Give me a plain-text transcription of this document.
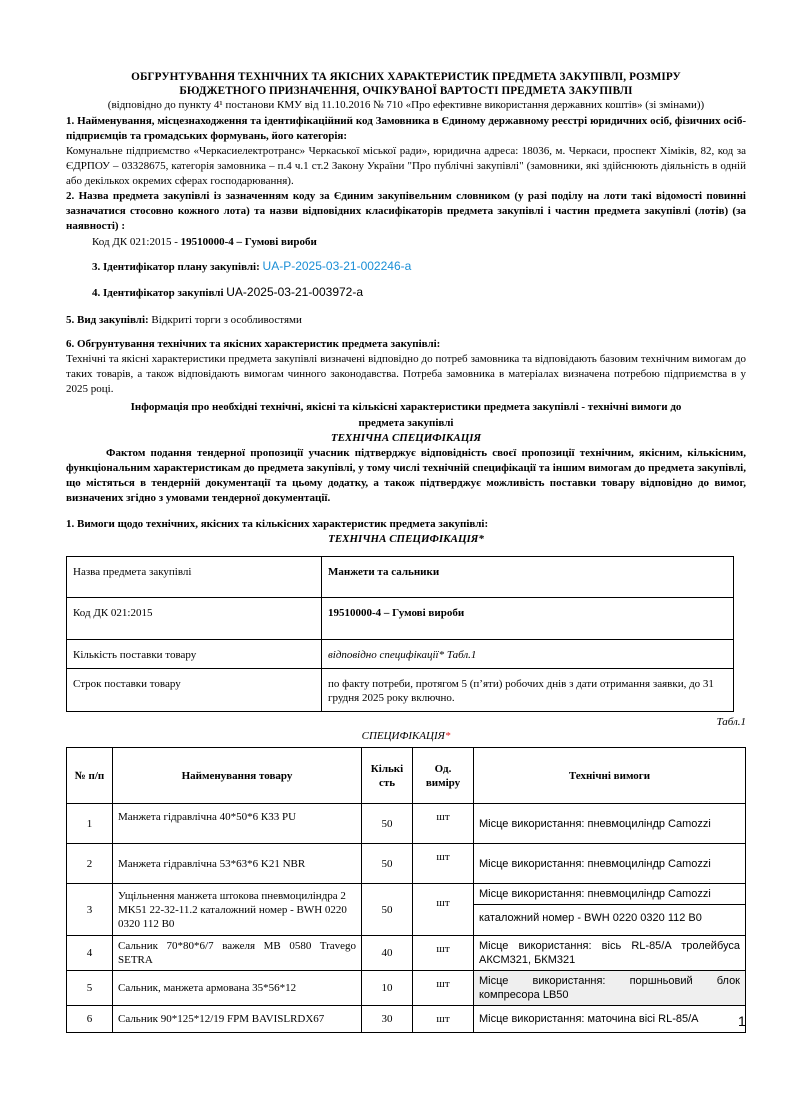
ОБГРУНТУВАННЯ ТЕХНІЧНИХ ТА ЯКІСНИХ ХАРАКТЕРИСТИК ПРЕДМЕТА ЗАКУПІВЛІ, РОЗМІРУ
БЮДЖЕТНОГО ПРИЗНАЧЕННЯ, ОЧІКУВАНОЇ ВАРТОСТІ ПРЕДМЕТА ЗАКУПІВЛІ
(відповідно до пункту 4¹ постанови КМУ від 11.10.2016 № 710 «Про ефективне використання державних коштів» (зі змінами))
1. Найменування, місцезнаходження та ідентифікаційний код Замовника в Єдиному державному реєстрі юридичних осіб, фізичних осіб-підприємців та громадських формувань, його категорія:
Комунальне підприємство «Черкасиелектротранс» Черкаської міської ради», юридична адреса: 18036, м. Черкаси, проспект Хіміків, 82, код за ЄДРПОУ – 03328675, категорія замовника – п.4 ч.1 ст.2 Закону України "Про публічні закупівлі" (замовники, які здійснюють діяльність в одній або декількох окремих сферах господарювання).
2. Назва предмета закупівлі із зазначенням коду за Єдиним закупівельним словником (у разі поділу на лоти такі відомості повинні зазначатися стосовно кожного лота) та назви відповідних класифікаторів предмета закупівлі і частин предмета закупівлі (лотів) (за наявності) :
Код ДК 021:2015 - 19510000-4 – Гумові вироби
3. Ідентифікатор плану закупівлі: UA-P-2025-03-21-002246-a
4. Ідентифікатор закупівлі UA-2025-03-21-003972-a
5. Вид закупівлі: Відкриті торги з особливостями
6. Обгрунтування технічних та якісних характеристик предмета закупівлі:
Технічні та якісні характеристики предмета закупівлі визначені відповідно до потреб замовника та відповідають базовим технічним вимогам до таких товарів, а також відповідають вимогам чинного законодавства. Потреба замовника в матеріалах визначена потребою підприємства в у 2025 році.
Інформація про необхідні технічні, якісні та кількісні характеристики предмета закупівлі - технічні вимоги до
предмета закупівлі
ТЕХНІЧНА СПЕЦИФІКАЦІЯ
Фактом подання тендерної пропозиції учасник підтверджує відповідність своєї пропозиції технічним, якісним, кількісним, функціональним характеристикам до предмета закупівлі, у тому числі технічній специфікації та іншим вимогам до предмета закупівлі, що містяться в тендерній документації та цьому додатку, а також підтверджує можливість поставки товару відповідно до вимог, визначених згідно з умовами тендерної документації.
1. Вимоги щодо технічних, якісних та кількісних характеристик предмета закупівлі:
ТЕХНІЧНА СПЕЦИФІКАЦІЯ*
Назва предмета закупівлі	Манжети та сальники
Код ДК 021:2015	19510000-4 – Гумові вироби
Кількість поставки товару	відповідно специфікації* Табл.1
Строк поставки товару	по факту потреби, протягом 5 (п’яти) робочих днів з дати отримання заявки, до 31 грудня 2025 року включно.
Табл.1
СПЕЦИФІКАЦІЯ*
№ п/п	Найменування товару	Кількі сть	Од. виміру	Технічні вимоги
1	Манжета гідравлічна 40*50*6 К33 PU	50	шт	Місце використання: пневмоциліндр Camozzi
2	Манжета гідравлічна 53*63*6 K21 NBR	50	шт	Місце використання: пневмоциліндр Camozzi
3	Ущільнення манжета штокова пневмоциліндра 2 MK51 22-32-11.2 каталожний номер - BWH 0220 0320 112 B0	50	шт	Місце використання: пневмоциліндр Camozzi
каталожний номер - BWH 0220 0320 112 B0

4	Сальник 70*80*6/7 важеля MB 0580 Travego SETRA	40	шт	Місце використання: вісь RL-85/A тролейбуса АКСМ321, БКМ321
5	Сальник, манжета армована 35*56*12	10	шт	Місце використання: поршньовий блок компресора LB50
6	Сальник 90*125*12/19 FPM BAVISLRDX67	30	шт	Місце використання: маточина вісі RL-85/A	1
